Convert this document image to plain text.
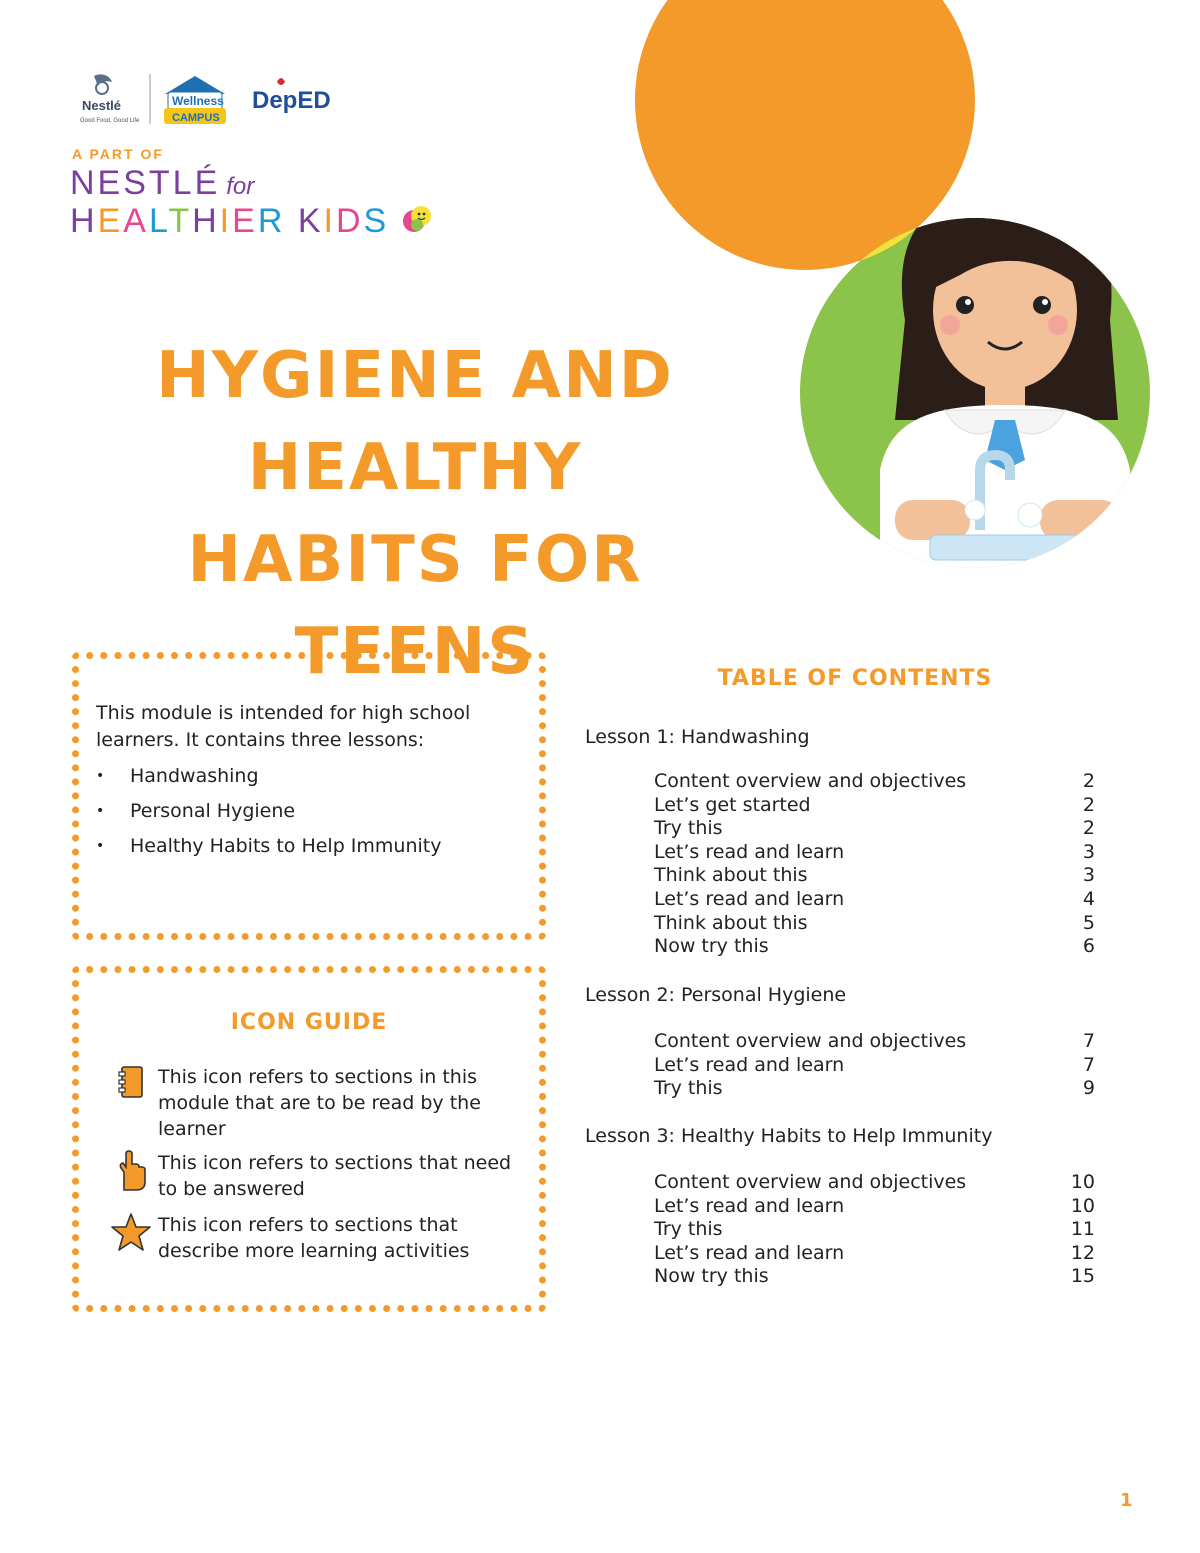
Nestlé
Good Food, Good Life
Wellness
CAMPUS
DepED
A PART OF
NESTLÉ for
HEALTHIER KIDS
HYGIENE AND
HEALTHY HABITS FOR
TEENS
This module is intended for high school learners. It contains three lessons:
•	Handwashing
•	Personal Hygiene
•	Healthy Habits to Help Immunity
ICON GUIDE
This icon refers to sections in this module that are to be read by the learner
This icon refers to sections that need to be answered
This icon refers to sections that describe more learning activities
TABLE OF CONTENTS
Lesson 1: Handwashing
Content overview and objectives	2
Let’s get started	2
Try this	2
Let’s read and learn	3
Think about this	3
Let’s read and learn	4
Think about this	5
Now try this	6
Lesson 2: Personal Hygiene
Content overview and objectives	7
Let’s read and learn	7
Try this	9
Lesson 3: Healthy Habits to Help Immunity
Content overview and objectives	10
Let’s read and learn	10
Try this	11
Let’s read and learn	12
Now try this	15
1
